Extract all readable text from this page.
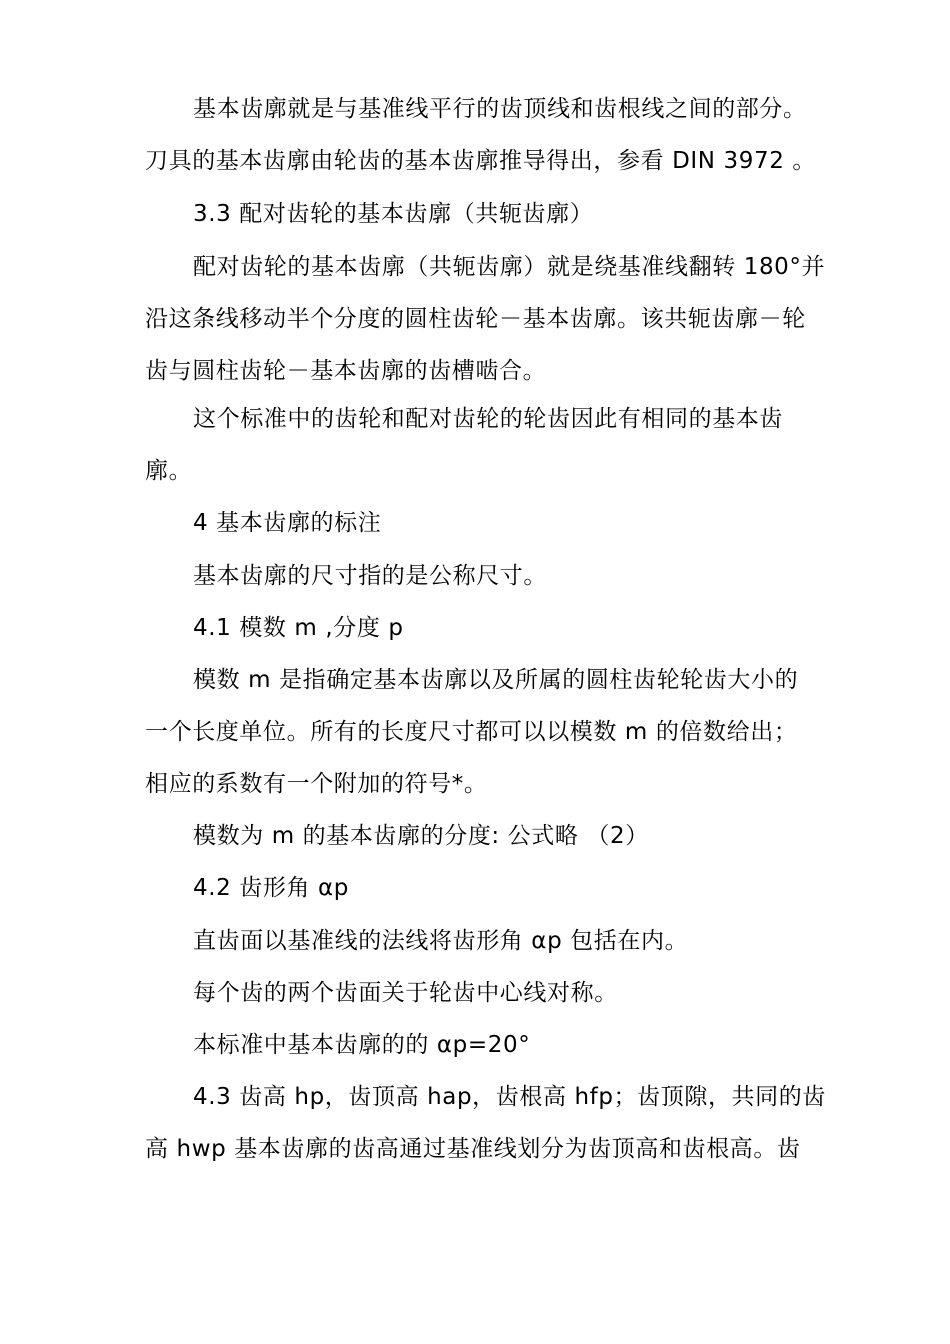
基本齿廓就是与基准线平行的齿顶线和齿根线之间的部分。
刀具的基本齿廓由轮齿的基本齿廓推导得出，参看 DIN 3972 。
3.3 配对齿轮的基本齿廓（共轭齿廓）
配对齿轮的基本齿廓（共轭齿廓）就是绕基准线翻转 180°并
沿这条线移动半个分度的圆柱齿轮－基本齿廓。该共轭齿廓－轮
齿与圆柱齿轮－基本齿廓的齿槽啮合。
这个标准中的齿轮和配对齿轮的轮齿因此有相同的基本齿
廓。
4 基本齿廓的标注
基本齿廓的尺寸指的是公称尺寸。
4.1 模数 m ,分度 p
模数 m 是指确定基本齿廓以及所属的圆柱齿轮轮齿大小的
一个长度单位。所有的长度尺寸都可以以模数 m 的倍数给出；
相应的系数有一个附加的符号*。
模数为 m 的基本齿廓的分度: 公式略 （2）
4.2 齿形角 αp
直齿面以基准线的法线将齿形角 αp 包括在内。
每个齿的两个齿面关于轮齿中心线对称。
本标准中基本齿廓的的 αp=20°
4.3 齿高 hp，齿顶高 hap，齿根高 hfp；齿顶隙，共同的齿
高 hwp 基本齿廓的齿高通过基准线划分为齿顶高和齿根高。齿
